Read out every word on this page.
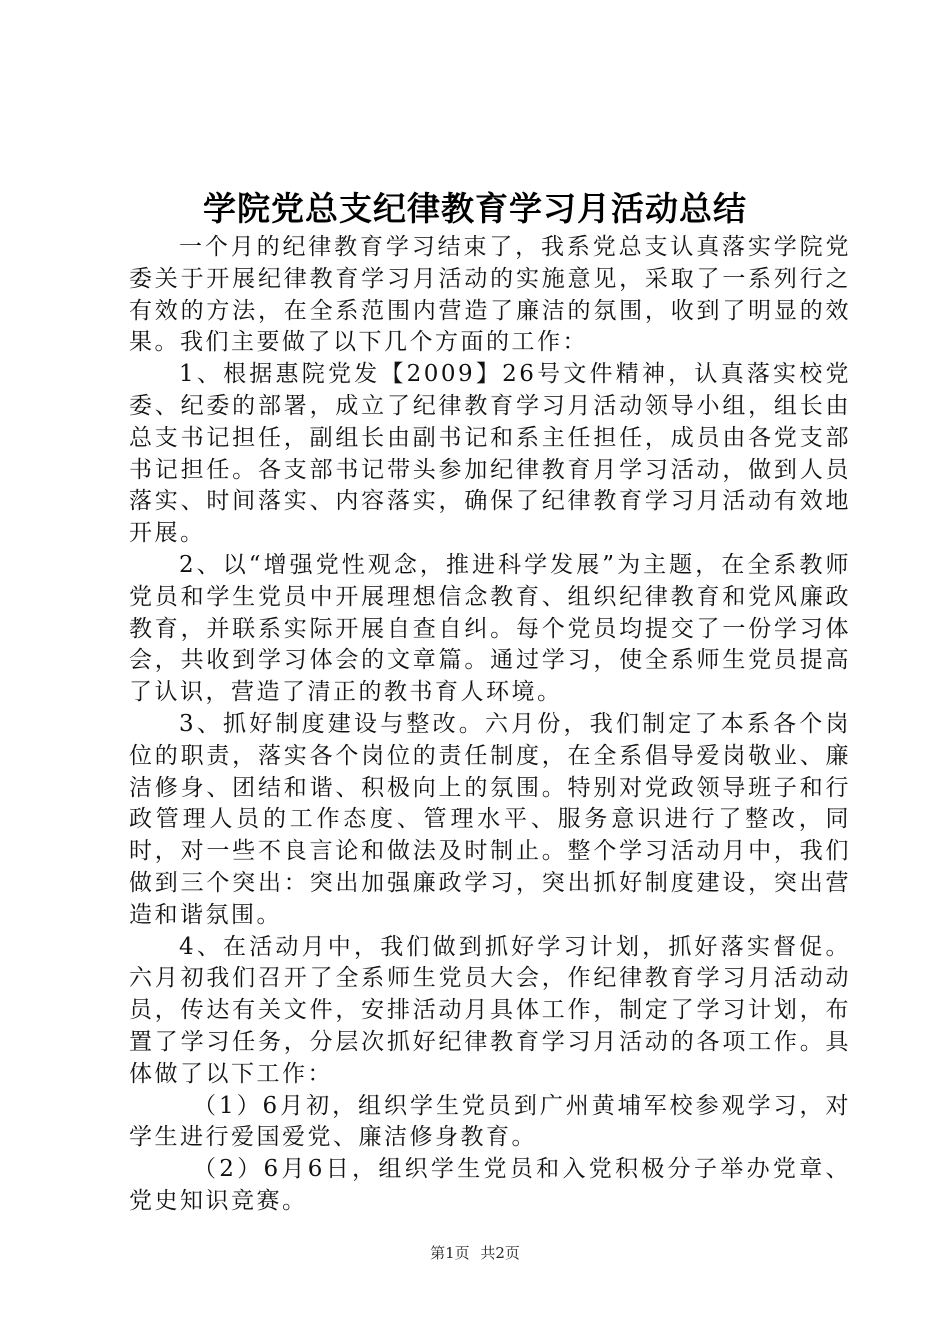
学院党总支纪律教育学习月活动总结

一个月的纪律教育学习结束了，我系党总支认真落实学院党委关于开展纪律教育学习月活动的实施意见，采取了一系列行之有效的方法，在全系范围内营造了廉洁的氛围，收到了明显的效果。我们主要做了以下几个方面的工作：

1、根据惠院党发【2009】26号文件精神，认真落实校党委、纪委的部署，成立了纪律教育学习月活动领导小组，组长由总支书记担任，副组长由副书记和系主任担任，成员由各党支部书记担任。各支部书记带头参加纪律教育月学习活动，做到人员落实、时间落实、内容落实，确保了纪律教育学习月活动有效地开展。

2、以“增强党性观念，推进科学发展”为主题，在全系教师党员和学生党员中开展理想信念教育、组织纪律教育和党风廉政教育，并联系实际开展自查自纠。每个党员均提交了一份学习体会，共收到学习体会的文章篇。通过学习，使全系师生党员提高了认识，营造了清正的教书育人环境。

3、抓好制度建设与整改。六月份，我们制定了本系各个岗位的职责，落实各个岗位的责任制度，在全系倡导爱岗敬业、廉洁修身、团结和谐、积极向上的氛围。特别对党政领导班子和行政管理人员的工作态度、管理水平、服务意识进行了整改，同时，对一些不良言论和做法及时制止。整个学习活动月中，我们做到三个突出：突出加强廉政学习，突出抓好制度建设，突出营造和谐氛围。

4、在活动月中，我们做到抓好学习计划，抓好落实督促。六月初我们召开了全系师生党员大会，作纪律教育学习月活动动员，传达有关文件，安排活动月具体工作，制定了学习计划，布置了学习任务，分层次抓好纪律教育学习月活动的各项工作。具体做了以下工作：

（1）6月初，组织学生党员到广州黄埔军校参观学习，对学生进行爱国爱党、廉洁修身教育。

（2）6月6日，组织学生党员和入党积极分子举办党章、党史知识竞赛。

第1页 共2页
